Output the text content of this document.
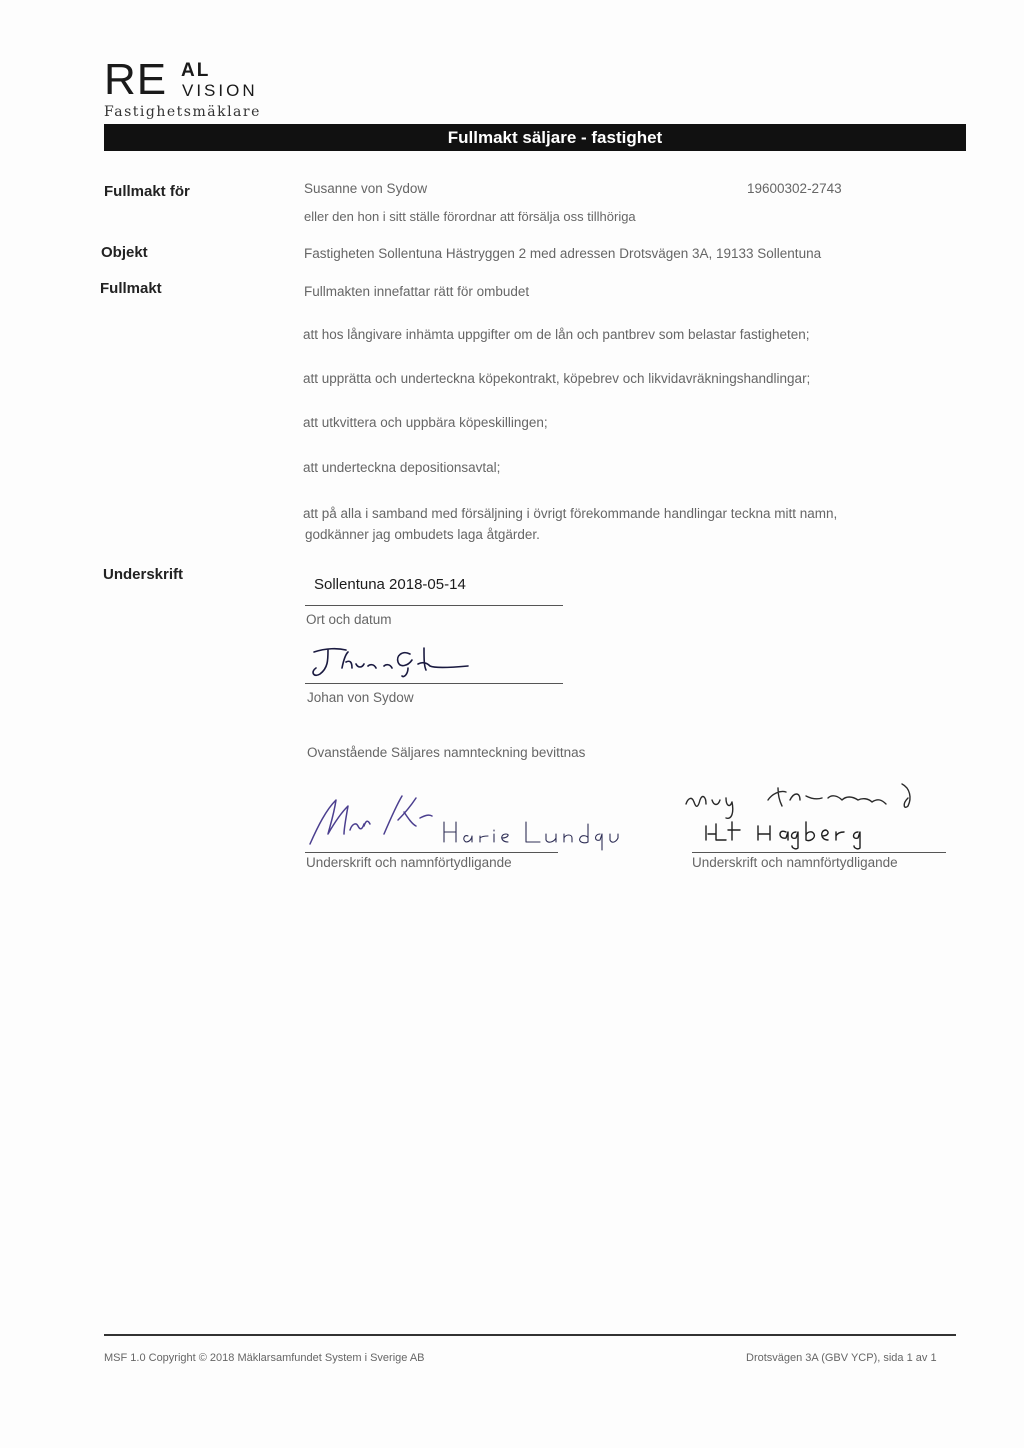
RE AL
VISION
Fastighetsmäklare
Fullmakt säljare - fastighet
Fullmakt för	Susanne von Sydow	19600302-2743
eller den hon i sitt ställe förordnar att försälja oss tillhöriga
Objekt	Fastigheten Sollentuna Hästryggen 2 med adressen Drotsvägen 3A, 19133 Sollentuna
Fullmakt	Fullmakten innefattar rätt för ombudet
att hos långivare inhämta uppgifter om de lån och pantbrev som belastar fastigheten;
att upprätta och underteckna köpekontrakt, köpebrev och likvidavräkningshandlingar;
att utkvittera och uppbära köpeskillingen;
att underteckna depositionsavtal;
att på alla i samband med försäljning i övrigt förekommande handlingar teckna mitt namn,
godkänner jag ombudets laga åtgärder.
Underskrift
Sollentuna 2018-05-14
Ort och datum
Johan von Sydow
Ovanstående Säljares namnteckning bevittnas
Underskrift och namnförtydligande	Underskrift och namnförtydligande
MSF 1.0 Copyright © 2018 Mäklarsamfundet System i Sverige AB	Drotsvägen 3A (GBV YCP), sida 1 av 1
